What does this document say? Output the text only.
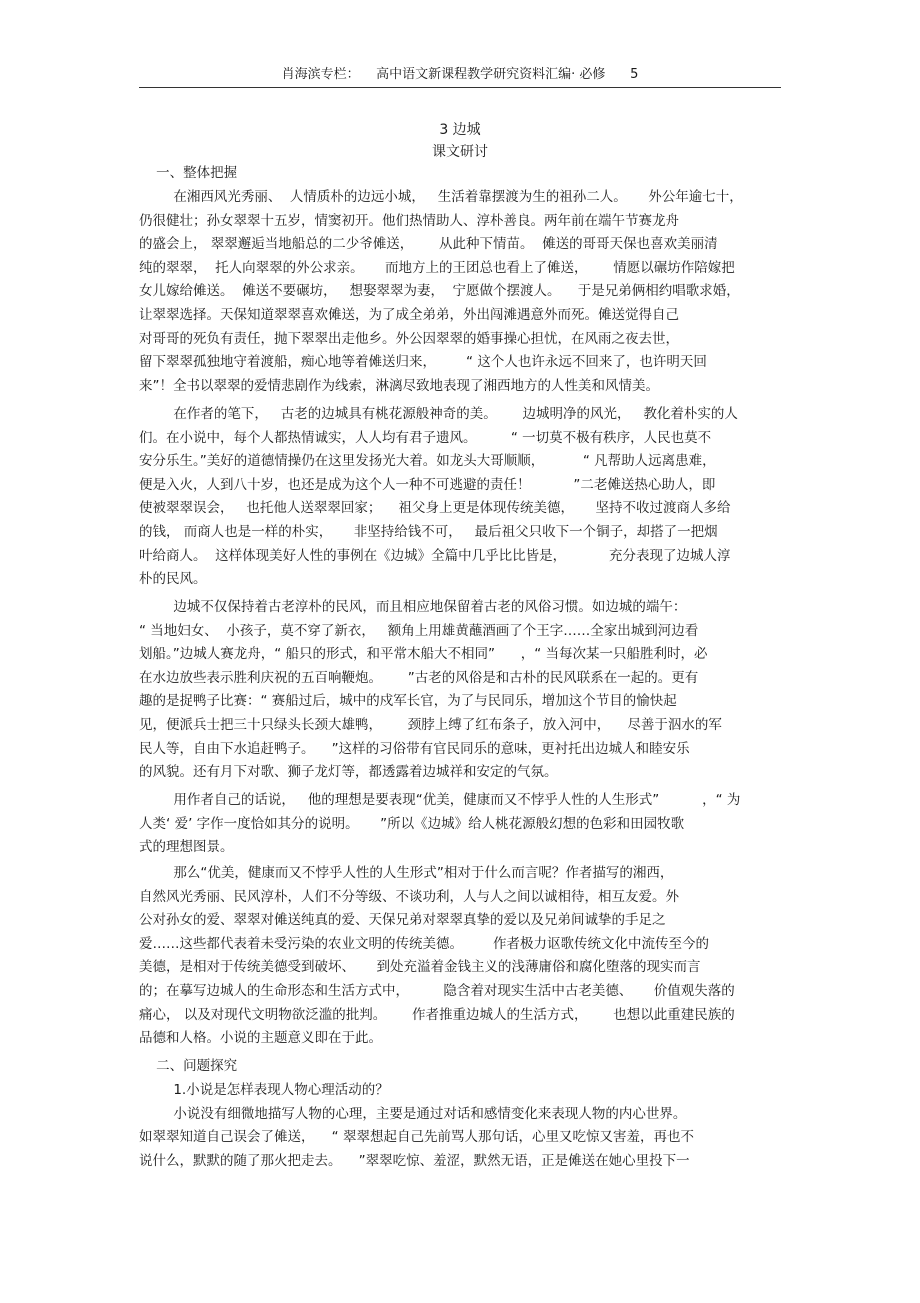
肖海滨专栏：    高中语文新课程教学研究资料汇编· 必修      5
3 边城
课文研讨
一、整体把握
在湘西风光秀丽、  人情质朴的边远小城，   生活着靠摆渡为生的祖孙二人。     外公年逾七十，
仍很健壮；孙女翠翠十五岁，情窦初开。他们热情助人、淳朴善良。两年前在端午节赛龙舟
的盛会上， 翠翠邂逅当地船总的二少爷傩送，      从此种下情苗。  傩送的哥哥天保也喜欢美丽清
纯的翠翠，  托人向翠翠的外公求亲。     而地方上的王团总也看上了傩送，      情愿以碾坊作陪嫁把
女儿嫁给傩送。  傩送不要碾坊，   想娶翠翠为妻，  宁愿做个摆渡人。    于是兄弟俩相约唱歌求婚，
让翠翠选择。天保知道翠翠喜欢傩送，为了成全弟弟，外出闯滩遇意外而死。傩送觉得自己
对哥哥的死负有责任，抛下翠翠出走他乡。外公因翠翠的婚事操心担忧，在风雨之夜去世，
留下翠翠孤独地守着渡船，痴心地等着傩送归来，       “ 这个人也许永远不回来了，也许明天回
来”！全书以翠翠的爱情悲剧作为线索，淋漓尽致地表现了湘西地方的人性美和风情美。
在作者的笔下，   古老的边城具有桃花源般神奇的美。      边城明净的风光，   教化着朴实的人
们。在小说中，每个人都热情诚实，人人均有君子遗风。        “ 一切莫不极有秩序，人民也莫不
安分乐生。”美好的道德情操仍在这里发扬光大着。如龙头大哥顺顺，         “ 凡帮助人远离患难，
便是入火，人到八十岁，也还是成为这个人一种不可逃避的责任！          ”二老傩送热心助人，即
使被翠翠误会，   也托他人送翠翠回家；    祖父身上更是体现传统美德，     坚持不收过渡商人多给
的钱， 而商人也是一样的朴实，     非坚持给钱不可，   最后祖父只收下一个铜子，却搭了一把烟
叶给商人。  这样体现美好人性的事例在《边城》全篇中几乎比比皆是，          充分表现了边城人淳
朴的民风。
边城不仅保持着古老淳朴的民风，而且相应地保留着古老的风俗习惯。如边城的端午：
“ 当地妇女、  小孩子，莫不穿了新衣，   额角上用雄黄蘸酒画了个王字……全家出城到河边看
划船。”边城人赛龙舟，“ 船只的形式，和平常木船大不相同”      ，“ 当每次某一只船胜利时，必
在水边放些表示胜利庆祝的五百响鞭炮。      ”古老的风俗是和古朴的民风联系在一起的。更有
趣的是捉鸭子比赛：“ 赛船过后，城中的戍军长官，为了与民同乐，增加这个节目的愉快起
见，便派兵士把三十只绿头长颈大雄鸭，      颈脖上缚了红布条子，放入河中，    尽善于泅水的军
民人等，自由下水追赶鸭子。    ”这样的习俗带有官民同乐的意味，更衬托出边城人和睦安乐
的风貌。还有月下对歌、狮子龙灯等，都透露着边城祥和安定的气氛。
用作者自己的话说，   他的理想是要表现“优美，健康而又不悖乎人性的人生形式”          ，“ 为
人类‘ 爱’ 字作一度恰如其分的说明。     ”所以《边城》给人桃花源般幻想的色彩和田园牧歌
式的理想图景。
那么“优美，健康而又不悖乎人性的人生形式”相对于什么而言呢？作者描写的湘西，
自然风光秀丽、民风淳朴，人们不分等级、不谈功利，人与人之间以诚相待，相互友爱。外
公对孙女的爱、翠翠对傩送纯真的爱、天保兄弟对翠翠真挚的爱以及兄弟间诚挚的手足之
爱……这些都代表着未受污染的农业文明的传统美德。       作者极力讴歌传统文化中流传至今的
美德，是相对于传统美德受到破坏、     到处充溢着金钱主义的浅薄庸俗和腐化堕落的现实而言
的；在摹写边城人的生命形态和生活方式中，        隐含着对现实生活中古老美德、     价值观失落的
痛心， 以及对现代文明物欲泛滥的批判。      作者推重边城人的生活方式，      也想以此重建民族的
品德和人格。小说的主题意义即在于此。
二、问题探究
1.小说是怎样表现人物心理活动的？
小说没有细微地描写人物的心理，主要是通过对话和感情变化来表现人物的内心世界。
如翠翠知道自己误会了傩送，    “ 翠翠想起自己先前骂人那句话，心里又吃惊又害羞，再也不
说什么，默默的随了那火把走去。    ”翠翠吃惊、羞涩，默然无语，正是傩送在她心里投下一
